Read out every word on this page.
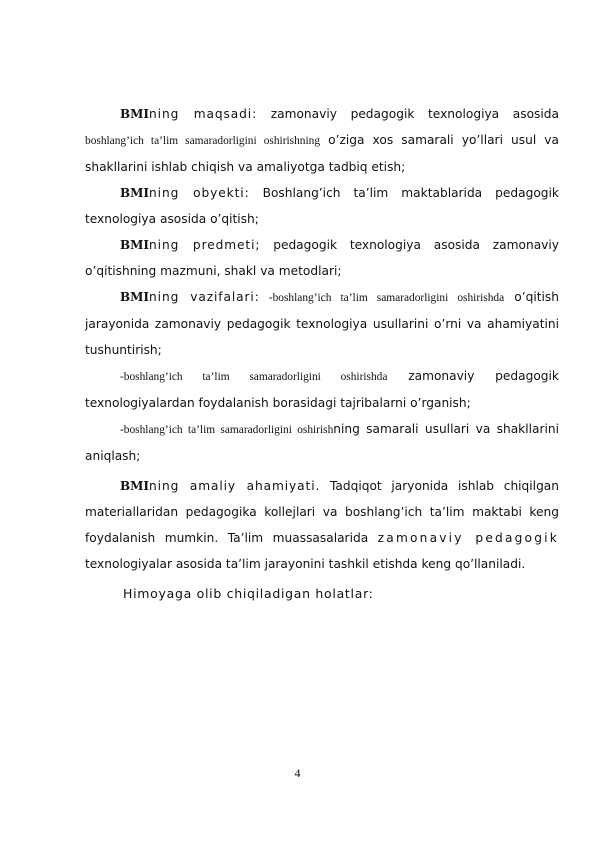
BMIning maqsadi: zamonaviy pedagogik texnologiya asosida boshlang’ich ta’lim samaradorligini oshirishning o’ziga xos samarali yo’llari usul va shakllarini ishlab chiqish va amaliyotga tadbiq etish;

BMIning obyekti: Boshlang’ich ta’lim maktablarida pedagogik texnologiya asosida o’qitish;

BMIning predmeti; pedagogik texnologiya asosida zamonaviy o’qitishning mazmuni, shakl va metodlari;

BMIning vazifalari: -boshlang’ich ta’lim samaradorligini oshirishda o’qitish jarayonida zamonaviy pedagogik texnologiya usullarini o’rni va ahamiyatini tushuntirish;

-boshlang’ich ta’lim samaradorligini oshirishda zamonaviy pedagogik texnologiyalardan foydalanish borasidagi tajribalarni o’rganish;

-boshlang’ich ta’lim samaradorligini oshirishning samarali usullari va shakllarini aniqlash;

BMIning amaliy ahamiyati. Tadqiqot jaryonida ishlab chiqilgan materiallaridan pedagogika kollejlari va boshlang’ich ta’lim maktabi keng foydalanish mumkin. Ta’lim muassasalarida zamonaviy pedagogik texnologiyalar asosida ta’lim jarayonini tashkil etishda keng qo’llaniladi.

Himoyaga olib chiqiladigan holatlar:

4
